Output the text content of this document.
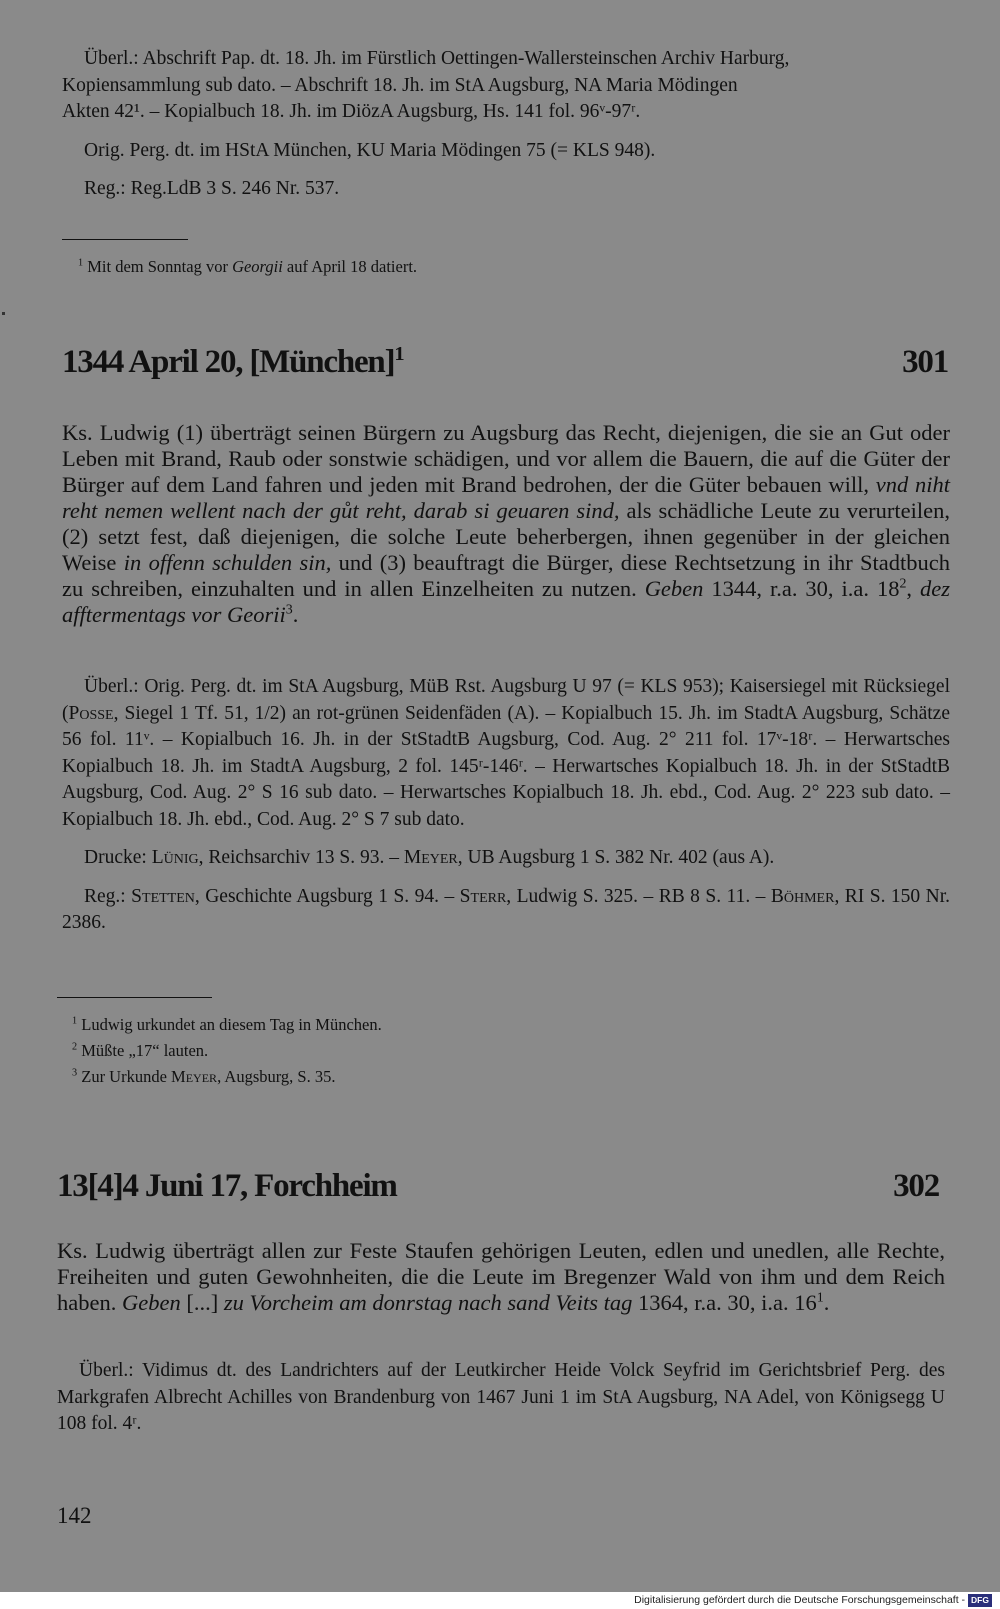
Überl.: Abschrift Pap. dt. 18. Jh. im Fürstlich Oettingen-Wallersteinschen Archiv Harburg,
Kopiensammlung sub dato. – Abschrift 18. Jh. im StA Augsburg, NA Maria Mödingen
Akten 42¹. – Kopialbuch 18. Jh. im DiözA Augsburg, Hs. 141 fol. 96ᵛ-97ʳ.
Orig. Perg. dt. im HStA München, KU Maria Mödingen 75 (= KLS 948).
Reg.: Reg.LdB 3 S. 246 Nr. 537.
$^1$ Mit dem Sonntag vor Georgii auf April 18 datiert.
1344 April 20, [München]$^1$	301

Ks. Ludwig (1) überträgt seinen Bürgern zu Augsburg das Recht, diejenigen, die sie an Gut oder Leben mit Brand, Raub oder sonstwie schädigen, und vor allem die Bauern, die auf die Güter der Bürger auf dem Land fahren und jeden mit Brand bedrohen, der die Güter bebauen will, vnd niht reht nemen wellent nach der gůt reht, darab si geuaren sind, als schädliche Leute zu verurteilen, (2) setzt fest, daß diejenigen, die solche Leute beherbergen, ihnen gegenüber in der gleichen Weise in offenn schulden sin, und (3) beauftragt die Bürger, diese Rechtsetzung in ihr Stadtbuch zu schreiben, einzuhalten und in allen Einzelheiten zu nutzen. Geben 1344, r.a. 30, i.a. $18^2$, dez afftermentags vor Georii$^3$.

Überl.: Orig. Perg. dt. im StA Augsburg, MüB Rst. Augsburg U 97 (= KLS 953); Kaisersiegel mit Rücksiegel (Posse, Siegel 1 Tf. 51, 1/2) an rot-grünen Seidenfäden (A). – Kopialbuch 15. Jh. im StadtA Augsburg, Schätze 56 fol. 11ᵛ. – Kopialbuch 16. Jh. in der StStadtB Augsburg, Cod. Aug. 2° 211 fol. 17ᵛ-18ʳ. – Herwartsches Kopialbuch 18. Jh. im StadtA Augsburg, 2 fol. 145ʳ-146ʳ. – Herwartsches Kopialbuch 18. Jh. in der StStadtB Augsburg, Cod. Aug. 2° S 16 sub dato. – Herwartsches Kopialbuch 18. Jh. ebd., Cod. Aug. 2° 223 sub dato. – Kopialbuch 18. Jh. ebd., Cod. Aug. 2° S 7 sub dato.

Drucke: Lünig, Reichsarchiv 13 S. 93. – Meyer, UB Augsburg 1 S. 382 Nr. 402 (aus A).

Reg.: Stetten, Geschichte Augsburg 1 S. 94. – Sterr, Ludwig S. 325. – RB 8 S. 11. – Böhmer, RI S. 150 Nr. 2386.

$^1$ Ludwig urkundet an diesem Tag in München.
$^2$ Müßte „17“ lauten.
$^3$ Zur Urkunde Meyer, Augsburg, S. 35.
13[4]4 Juni 17, Forchheim	302

Ks. Ludwig überträgt allen zur Feste Staufen gehörigen Leuten, edlen und unedlen, alle Rechte, Freiheiten und guten Gewohnheiten, die die Leute im Bregenzer Wald von ihm und dem Reich haben. Geben [...] zu Vorcheim am donrstag nach sand Veits tag 1364, r.a. 30, i.a. $16^1$.

Überl.: Vidimus dt. des Landrichters auf der Leutkircher Heide Volck Seyfrid im Gerichtsbrief Perg. des Markgrafen Albrecht Achilles von Brandenburg von 1467 Juni 1 im StA Augsburg, NA Adel, von Königsegg U 108 fol. 4ʳ.

142
Digitalisierung gefördert durch die Deutsche Forschungsgemeinschaft - DFG
